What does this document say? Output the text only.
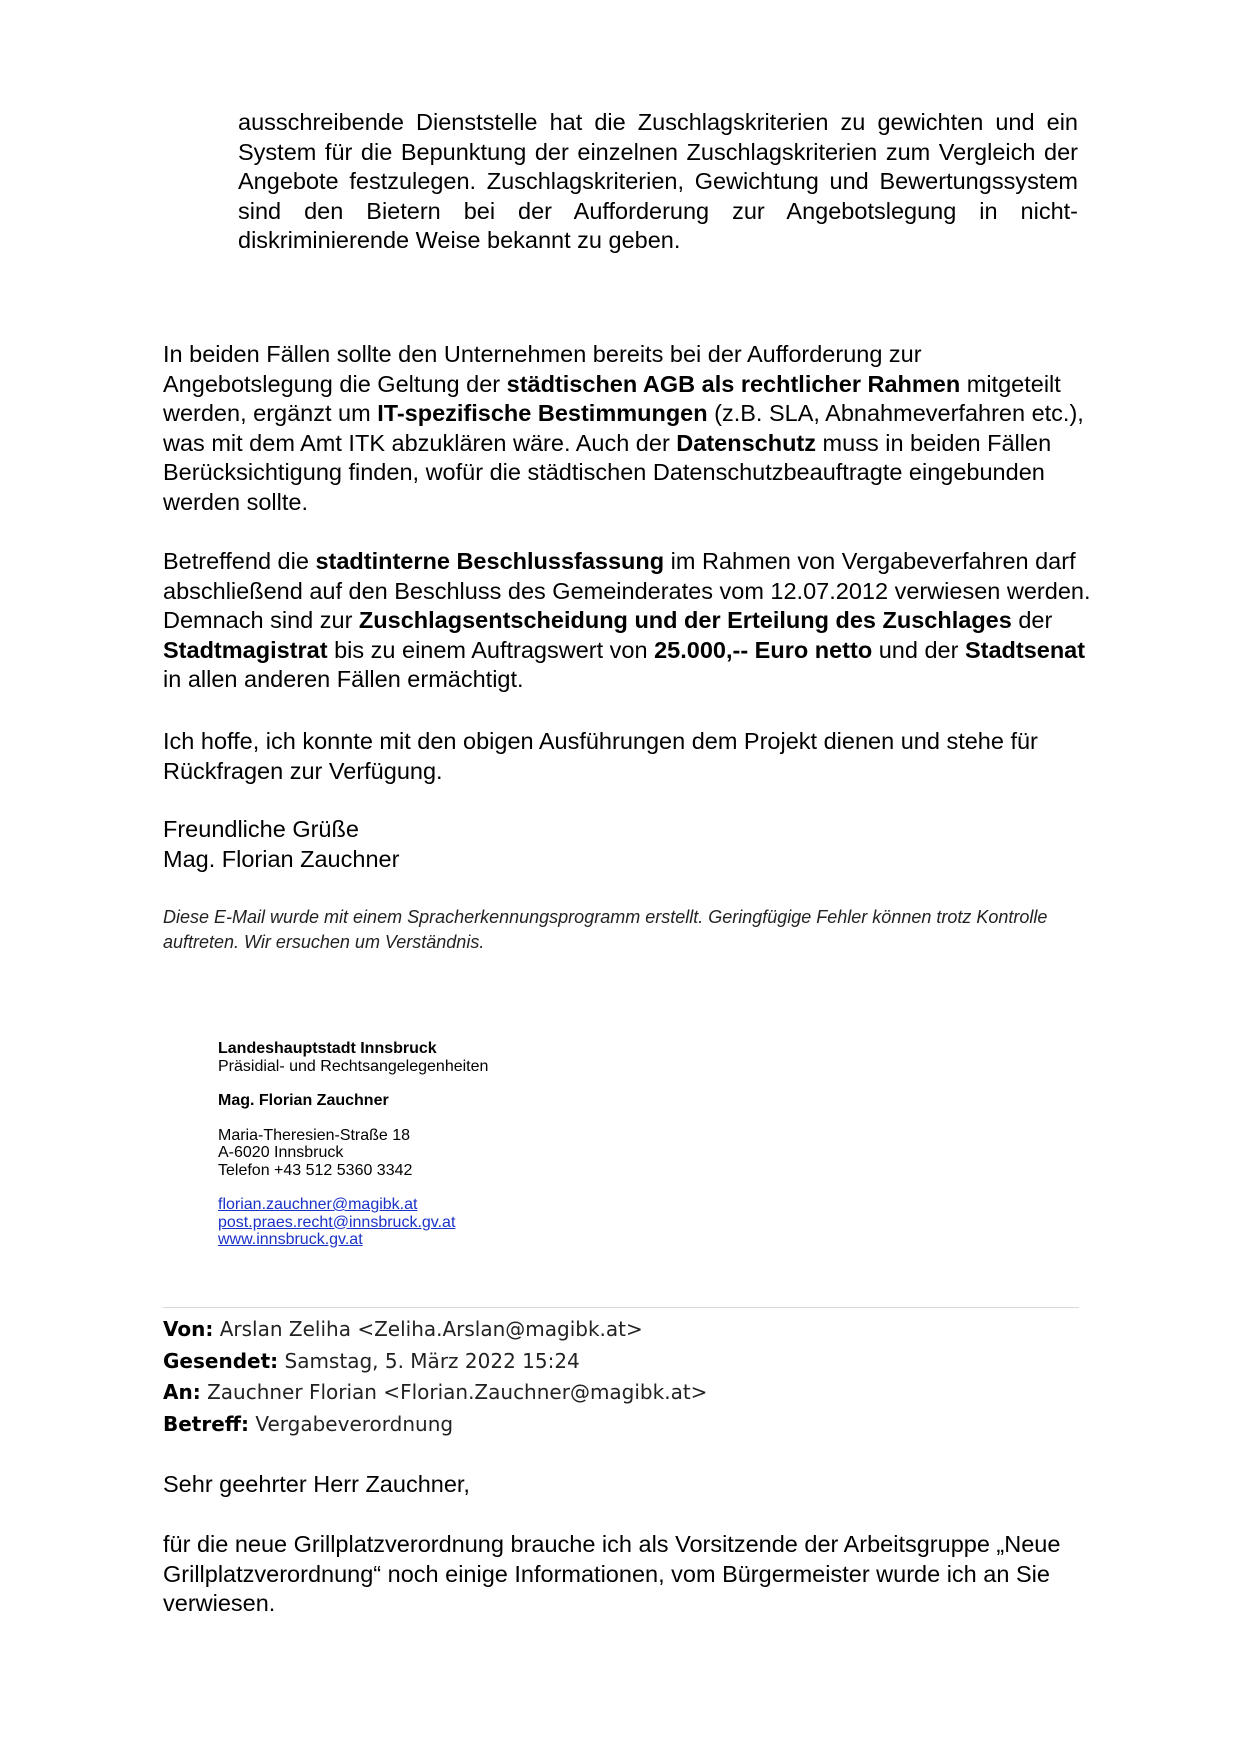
ausschreibende Dienststelle hat die Zuschlagskriterien zu gewichten und ein System für die Bepunktung der einzelnen Zuschlagskriterien zum Vergleich der Angebote festzulegen. Zuschlagskriterien, Gewichtung und Bewertungssystem sind den Bietern bei der Aufforderung zur Angebotslegung in nicht-diskriminierende Weise bekannt zu geben.
In beiden Fällen sollte den Unternehmen bereits bei der Aufforderung zur Angebotslegung die Geltung der städtischen AGB als rechtlicher Rahmen mitgeteilt werden, ergänzt um IT-spezifische Bestimmungen (z.B. SLA, Abnahmeverfahren etc.), was mit dem Amt ITK abzuklären wäre. Auch der Datenschutz muss in beiden Fällen Berücksichtigung finden, wofür die städtischen Datenschutzbeauftragte eingebunden werden sollte.
Betreffend die stadtinterne Beschlussfassung im Rahmen von Vergabeverfahren darf abschließend auf den Beschluss des Gemeinderates vom 12.07.2012 verwiesen werden. Demnach sind zur Zuschlagsentscheidung und der Erteilung des Zuschlages der Stadtmagistrat bis zu einem Auftragswert von 25.000,-- Euro netto und der Stadtsenat in allen anderen Fällen ermächtigt.
Ich hoffe, ich konnte mit den obigen Ausführungen dem Projekt dienen und stehe für Rückfragen zur Verfügung.
Freundliche Grüße
Mag. Florian Zauchner
Diese E-Mail wurde mit einem Spracherkennungsprogramm erstellt. Geringfügige Fehler können trotz Kontrolle auftreten. Wir ersuchen um Verständnis.
Landeshauptstadt Innsbruck
Präsidial- und Rechtsangelegenheiten
Mag. Florian Zauchner
Maria-Theresien-Straße 18
A-6020 Innsbruck
Telefon +43 512 5360 3342
florian.zauchner@magibk.at
post.praes.recht@innsbruck.gv.at
www.innsbruck.gv.at
Von: Arslan Zeliha <Zeliha.Arslan@magibk.at>
Gesendet: Samstag, 5. März 2022 15:24
An: Zauchner Florian <Florian.Zauchner@magibk.at>
Betreff: Vergabeverordnung
Sehr geehrter Herr Zauchner,
für die neue Grillplatzverordnung brauche ich als Vorsitzende der Arbeitsgruppe „Neue Grillplatzverordnung“ noch einige Informationen, vom Bürgermeister wurde ich an Sie verwiesen.
